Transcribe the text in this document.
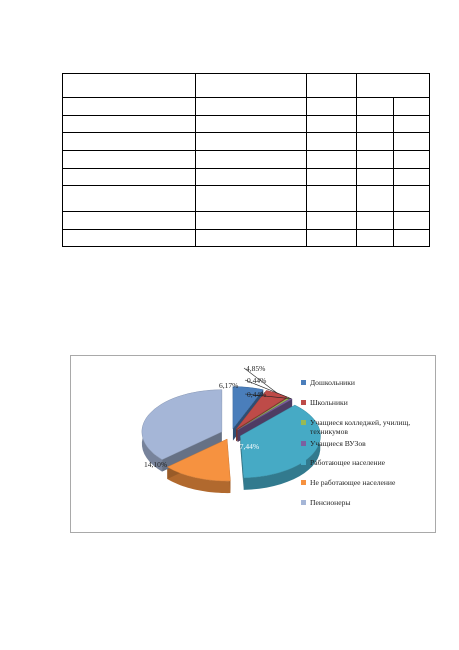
6,17%
4,85%
0,44%
0,44%
37,44%
14,10%
36,56%
Дошкольники
Школьники
Учащиеся колледжей, училищ, техникумов
Учащиеся ВУЗов
Работающее население
Не работающее население
Пенсионеры
